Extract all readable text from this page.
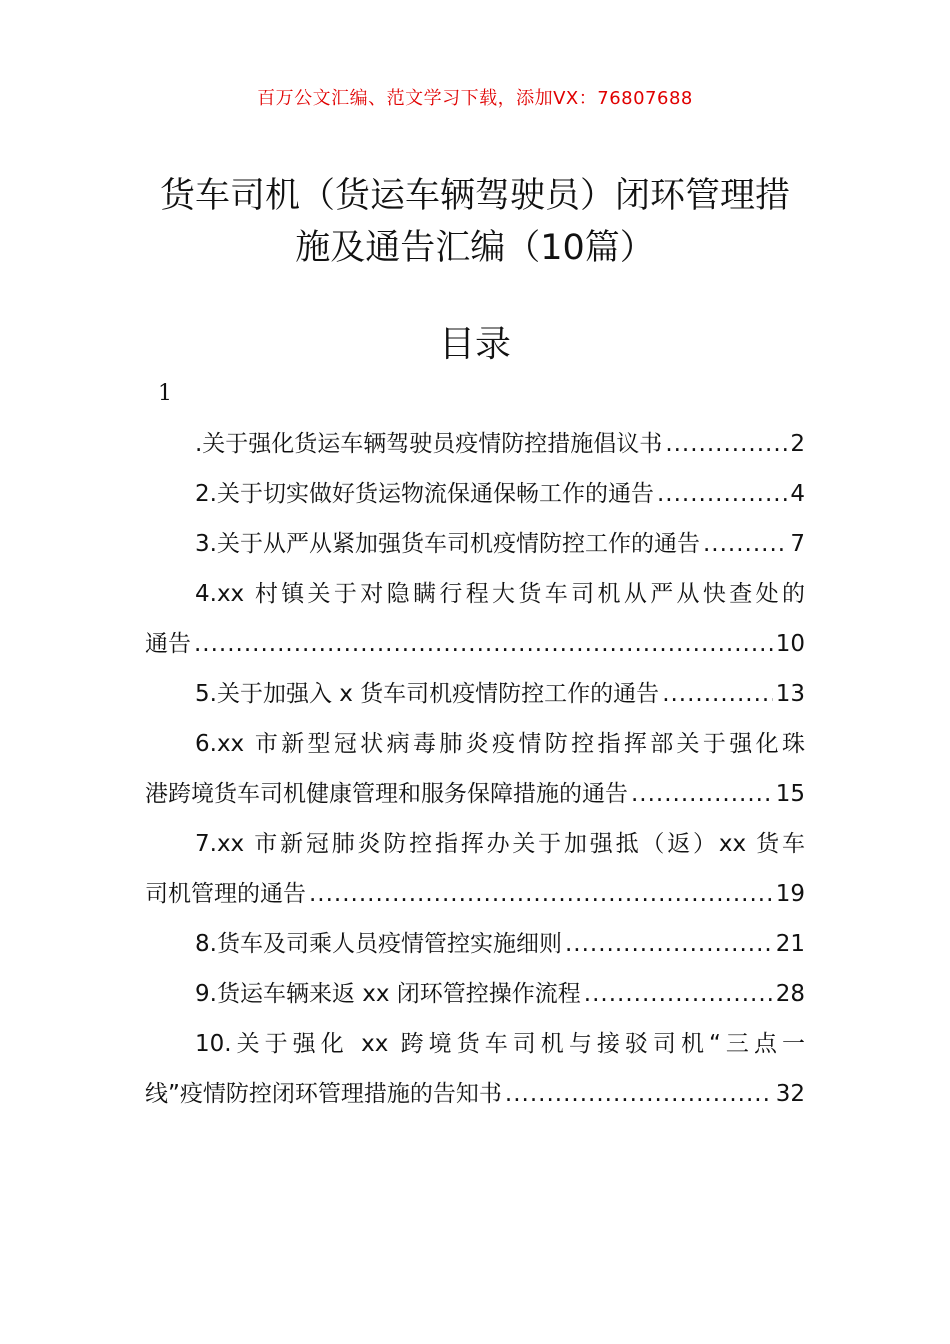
百万公文汇编、范文学习下载，添加VX：76807688
货车司机（货运车辆驾驶员）闭环管理措
施及通告汇编（10篇）
目录
1
.关于强化货运车辆驾驶员疫情防控措施倡议书 .....	2
2.关于切实做好货运物流保通保畅工作的通告 .....	4
3.关于从严从紧加强货车司机疫情防控工作的通告 .....	7
4.xx 村镇关于对隐瞒行程大货车司机从严从快查处的
通告 .....	10
5.关于加强入 x 货车司机疫情防控工作的通告 .....	13
6.xx 市新型冠状病毒肺炎疫情防控指挥部关于强化珠
港跨境货车司机健康管理和服务保障措施的通告 .....	15
7.xx 市新冠肺炎防控指挥办关于加强抵（返）xx 货车
司机管理的通告 .....	19
8.货车及司乘人员疫情管控实施细则 .....	21
9.货运车辆来返 xx 闭环管控操作流程 .....	28
10.关于强化 xx 跨境货车司机与接驳司机“三点一
线”疫情防控闭环管理措施的告知书 .....	32
